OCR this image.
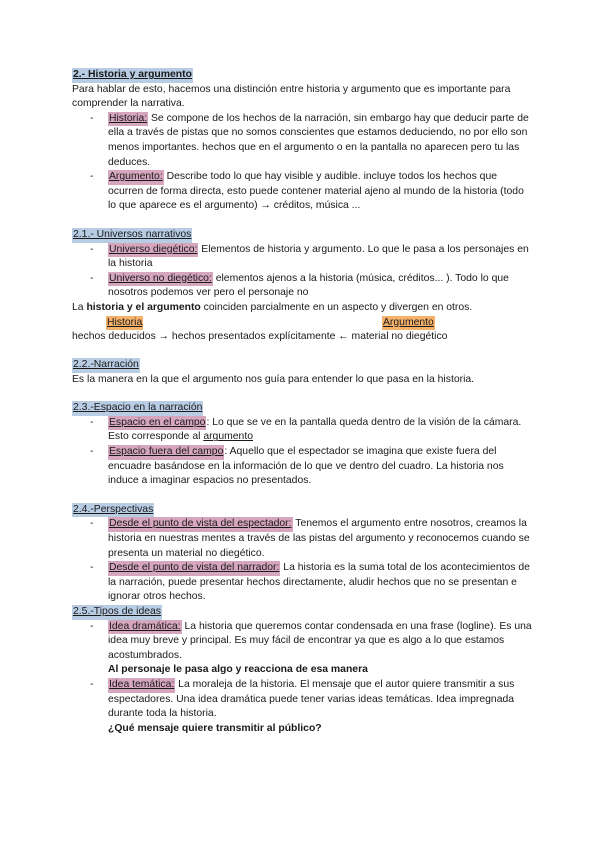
2.- Historia y argumento

Para hablar de esto, hacemos una distinción entre historia y argumento que es importante para comprender la narrativa.

- Historia: Se compone de los hechos de la narración, sin embargo hay que deducir parte de ella a través de pistas que no somos conscientes que estamos deduciendo, no por ello son menos importantes. hechos que en el argumento o en la pantalla no aparecen pero tu las deduces.
- Argumento: Describe todo lo que hay visible y audible. incluye todos los hechos que ocurren de forma directa, esto puede contener material ajeno al mundo de la historia (todo lo que aparece es el argumento) → créditos, música ...

2.1.- Universos narrativos

- Universo diegético: Elementos de historia y argumento. Lo que le pasa a los personajes en la historia
- Universo no diegético: elementos ajenos a la historia (música, créditos... ). Todo lo que nosotros podemos ver pero el personaje no

La historia y el argumento coinciden parcialmente en un aspecto y divergen en otros.

Historia	Argumento

hechos deducidos → hechos presentados explícitamente ← material no diegético

2.2.-Narración

Es la manera en la que el argumento nos guía para entender lo que pasa en la historia.

2.3.-Espacio en la narración

- Espacio en el campo: Lo que se ve en la pantalla queda dentro de la visión de la cámara. Esto corresponde al argumento
- Espacio fuera del campo: Aquello que el espectador se imagina que existe fuera del encuadre basándose en la información de lo que ve dentro del cuadro. La historia nos induce a imaginar espacios no presentados.

2.4.-Perspectivas

- Desde el punto de vista del espectador: Tenemos el argumento entre nosotros, creamos la historia en nuestras mentes a través de las pistas del argumento y reconocemos cuando se presenta un material no diegético.
- Desde el punto de vista del narrador: La historia es la suma total de los acontecimientos de la narración, puede presentar hechos directamente, aludir hechos que no se presentan e ignorar otros hechos.

2.5.-Tipos de ideas

- Idea dramática: La historia que queremos contar condensada en una frase (logline). Es una idea muy breve y principal. Es muy fácil de encontrar ya que es algo a lo que estamos acostumbrados.
Al personaje le pasa algo y reacciona de esa manera
- Idea temática: La moraleja de la historia. El mensaje que el autor quiere transmitir a sus espectadores. Una idea dramática puede tener varias ideas temáticas. Idea impregnada durante toda la historia.
¿Qué mensaje quiere transmitir al público?
